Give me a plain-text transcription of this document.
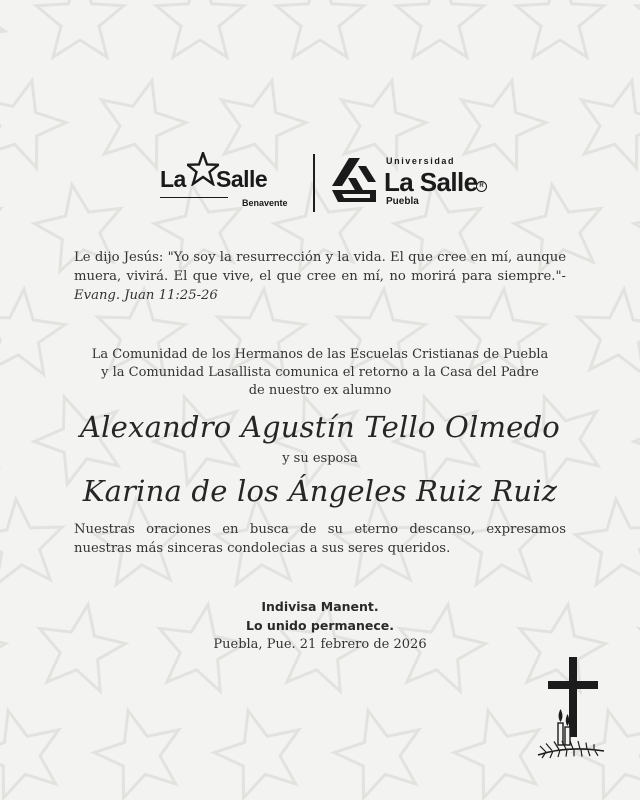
La Salle
Benavente
Universidad
La Salle R
Puebla

Le dijo Jesús: "Yo soy la resurrección y la vida. El que cree en mí, aunque muera, vivirá. El que vive, el que cree en mí, no morirá para siempre."- Evang. Juan 11:25-26

La Comunidad de los Hermanos de las Escuelas Cristianas de Puebla
y la Comunidad Lasallista comunica el retorno a la Casa del Padre
de nuestro ex alumno
Alexandro Agustín Tello Olmedo
y su esposa
Karina de los Ángeles Ruiz Ruiz

Nuestras oraciones en busca de su eterno descanso, expresamos nuestras más sinceras condolecias a sus seres queridos.

Indivisa Manent.
Lo unido permanece.
Puebla, Pue. 21 febrero de 2026
